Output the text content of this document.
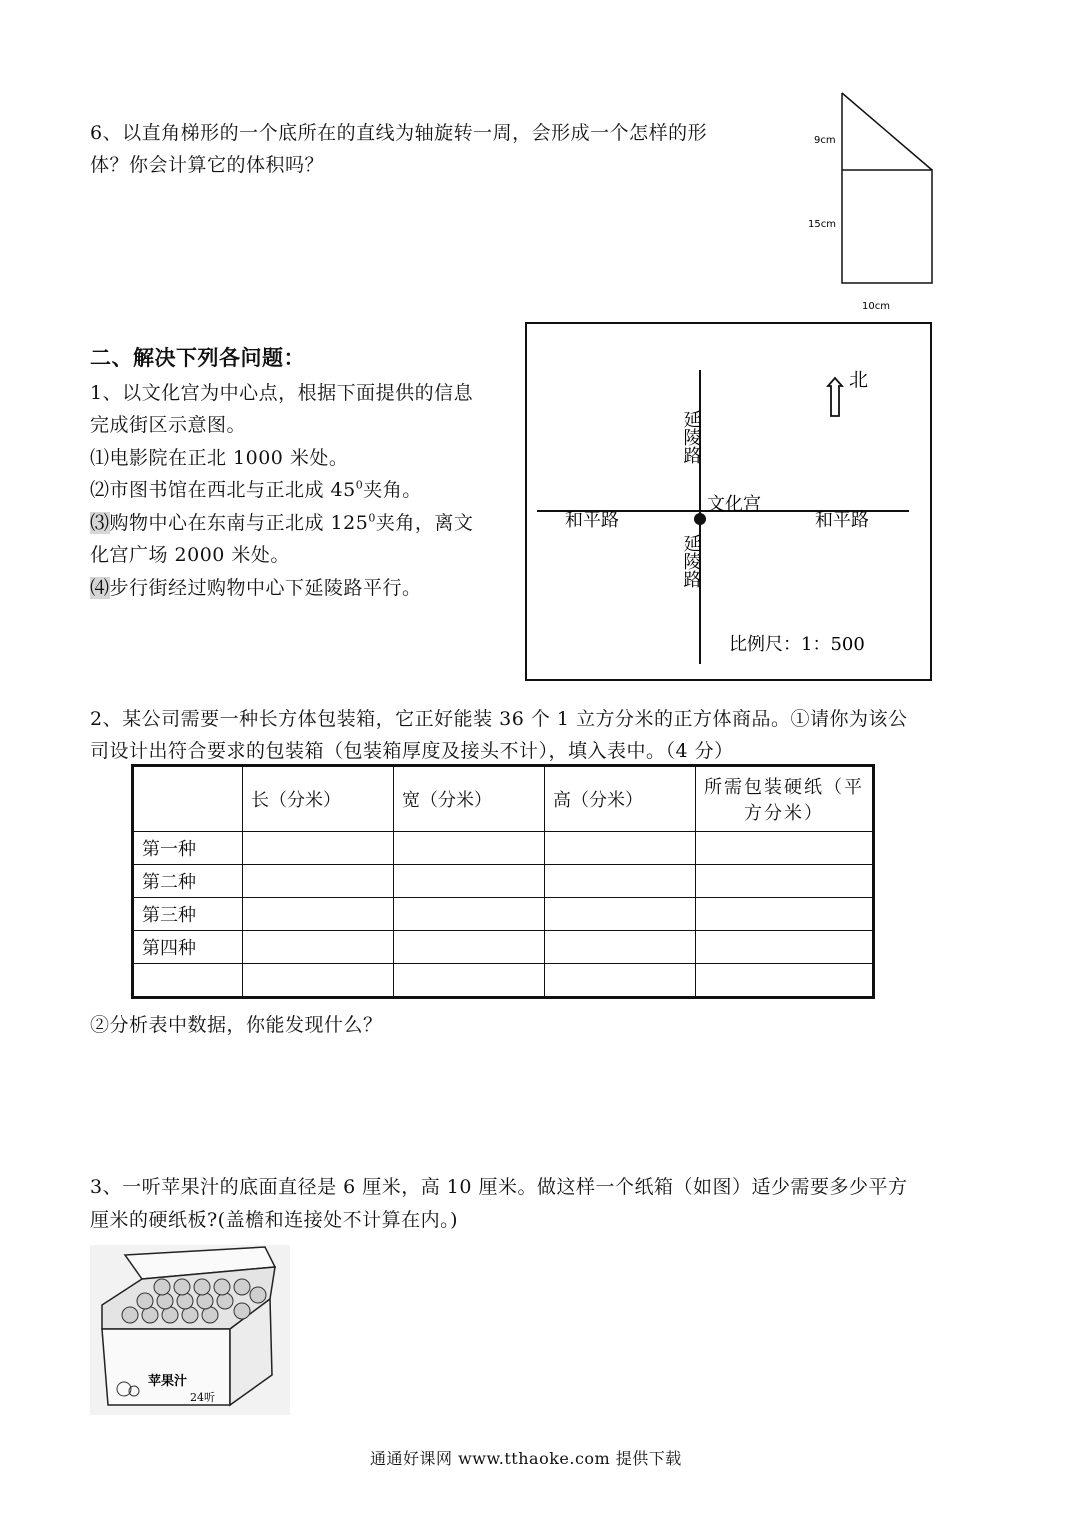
6、以直角梯形的一个底所在的直线为轴旋转一周，会形成一个怎样的形
体？你会计算它的体积吗？
9cm
15cm
10cm
二、解决下列各问题：
1、以文化宫为中心点，根据下面提供的信息
完成街区示意图。
⑴电影院在正北 1000 米处。
⑵市图书馆在西北与正北成 $45^0$夹角。
⑶购物中心在东南与正北成 $125^0$夹角，离文
化宫广场 2000 米处。
⑷步行街经过购物中心下延陵路平行。
北
延陵路
延陵路
和平路	和平路
文化宫
比例尺：1：500
2、某公司需要一种长方体包装箱，它正好能装 36 个 1 立方分米的正方体商品。①请你为该公
司设计出符合要求的包装箱（包装箱厚度及接头不计），填入表中。（4 分）
	长（分米）	宽（分米）	高（分米）	所需包装硬纸（平方分米）
第一种				
第二种				
第三种				
第四种				

②分析表中数据，你能发现什么？
3、一听苹果汁的底面直径是 6 厘米，高 10 厘米。做这样一个纸箱（如图）适少需要多少平方
厘米的硬纸板?(盖檐和连接处不计算在内。)
苹果汁
24听
通通好课网 www.tthaoke.com 提供下载
